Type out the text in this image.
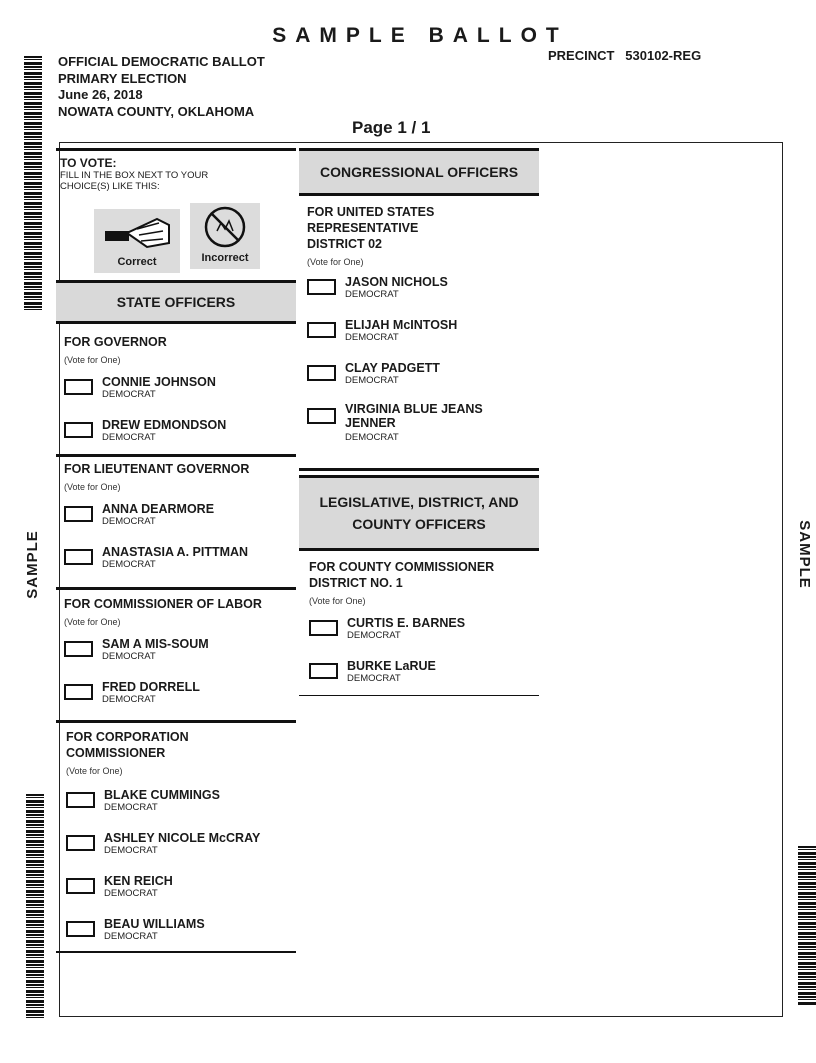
SAMPLE BALLOT
OFFICIAL DEMOCRATIC BALLOT
PRIMARY ELECTION
June 26, 2018
NOWATA COUNTY, OKLAHOMA
PRECINCT 530102-REG
Page 1 / 1
SAMPLE	SAMPLE
TO VOTE:
FILL IN THE BOX NEXT TO YOUR CHOICE(S) LIKE THIS:
Correct	Incorrect
STATE OFFICERS
FOR GOVERNOR
(Vote for One)
CONNIE JOHNSON
DEMOCRAT
DREW EDMONDSON
DEMOCRAT
FOR LIEUTENANT GOVERNOR
(Vote for One)
ANNA DEARMORE
DEMOCRAT
ANASTASIA A. PITTMAN
DEMOCRAT
FOR COMMISSIONER OF LABOR
(Vote for One)
SAM A MIS-SOUM
DEMOCRAT
FRED DORRELL
DEMOCRAT
FOR CORPORATION COMMISSIONER
(Vote for One)
BLAKE CUMMINGS
DEMOCRAT
ASHLEY NICOLE McCRAY
DEMOCRAT
KEN REICH
DEMOCRAT
BEAU WILLIAMS
DEMOCRAT
CONGRESSIONAL OFFICERS
FOR UNITED STATES REPRESENTATIVE DISTRICT 02
(Vote for One)
JASON NICHOLS
DEMOCRAT
ELIJAH McINTOSH
DEMOCRAT
CLAY PADGETT
DEMOCRAT
VIRGINIA BLUE JEANS JENNER
DEMOCRAT
LEGISLATIVE, DISTRICT, AND COUNTY OFFICERS
FOR COUNTY COMMISSIONER DISTRICT NO. 1
(Vote for One)
CURTIS E. BARNES
DEMOCRAT
BURKE LaRUE
DEMOCRAT
